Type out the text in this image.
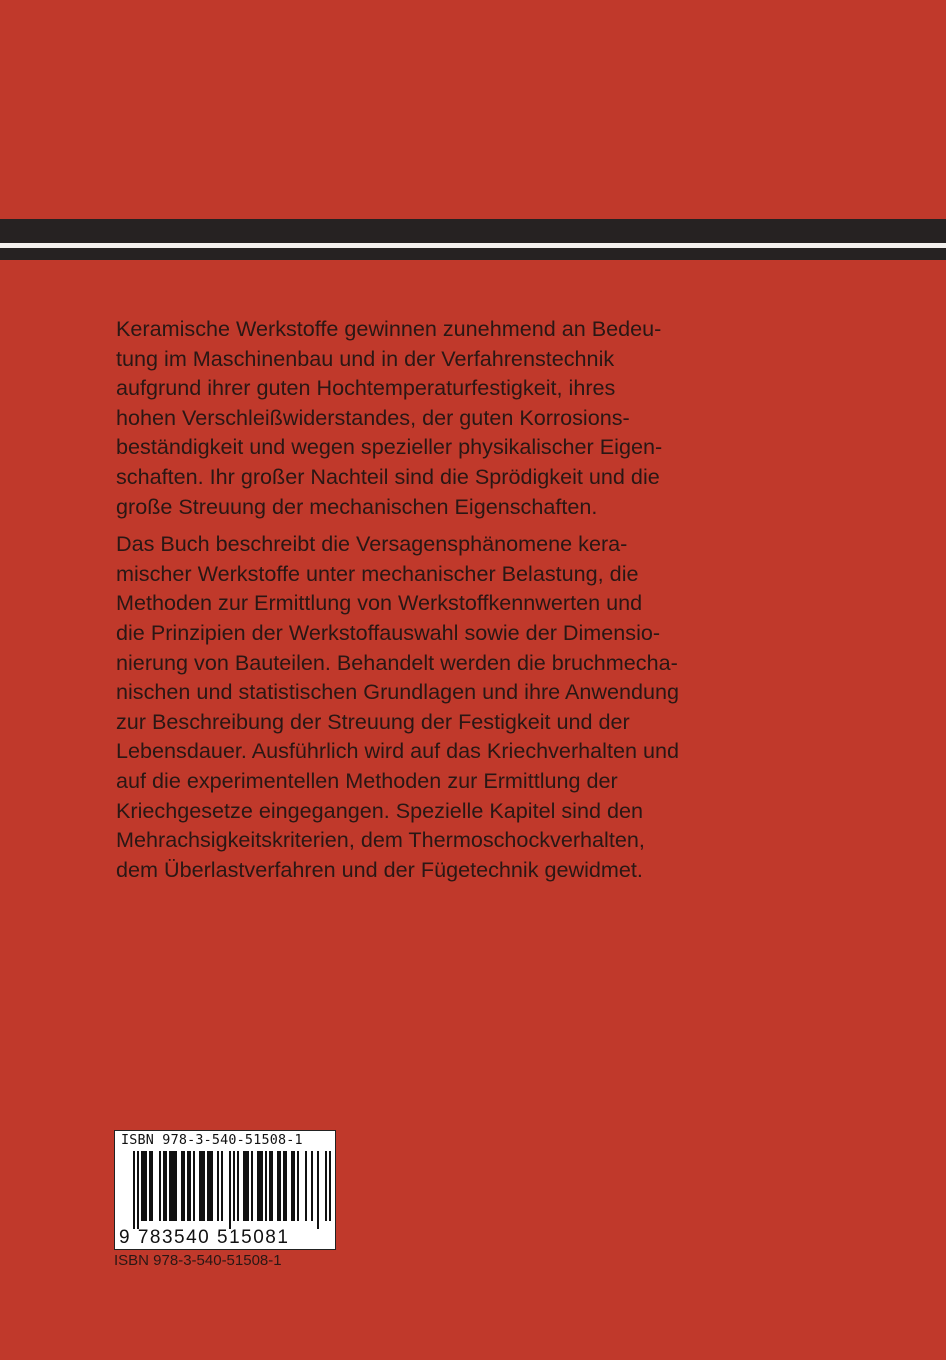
Keramische Werkstoffe gewinnen zunehmend an Bedeu-
tung im Maschinenbau und in der Verfahrenstechnik
aufgrund ihrer guten Hochtemperaturfestigkeit, ihres
hohen Verschleißwiderstandes, der guten Korrosions-
beständigkeit und wegen spezieller physikalischer Eigen-
schaften. Ihr großer Nachteil sind die Sprödigkeit und die
große Streuung der mechanischen Eigenschaften.

Das Buch beschreibt die Versagensphänomene kera-
mischer Werkstoffe unter mechanischer Belastung, die
Methoden zur Ermittlung von Werkstoffkennwerten und
die Prinzipien der Werkstoffauswahl sowie der Dimensio-
nierung von Bauteilen. Behandelt werden die bruchmecha-
nischen und statistischen Grundlagen und ihre Anwendung
zur Beschreibung der Streuung der Festigkeit und der
Lebensdauer. Ausführlich wird auf das Kriechverhalten und
auf die experimentellen Methoden zur Ermittlung der
Kriechgesetze eingegangen. Spezielle Kapitel sind den
Mehrachsigkeitskriterien, dem Thermoschockverhalten,
dem Überlastverfahren und der Fügetechnik gewidmet.

ISBN 978-3-540-51508-1
9 783540 515081
ISBN 978-3-540-51508-1
